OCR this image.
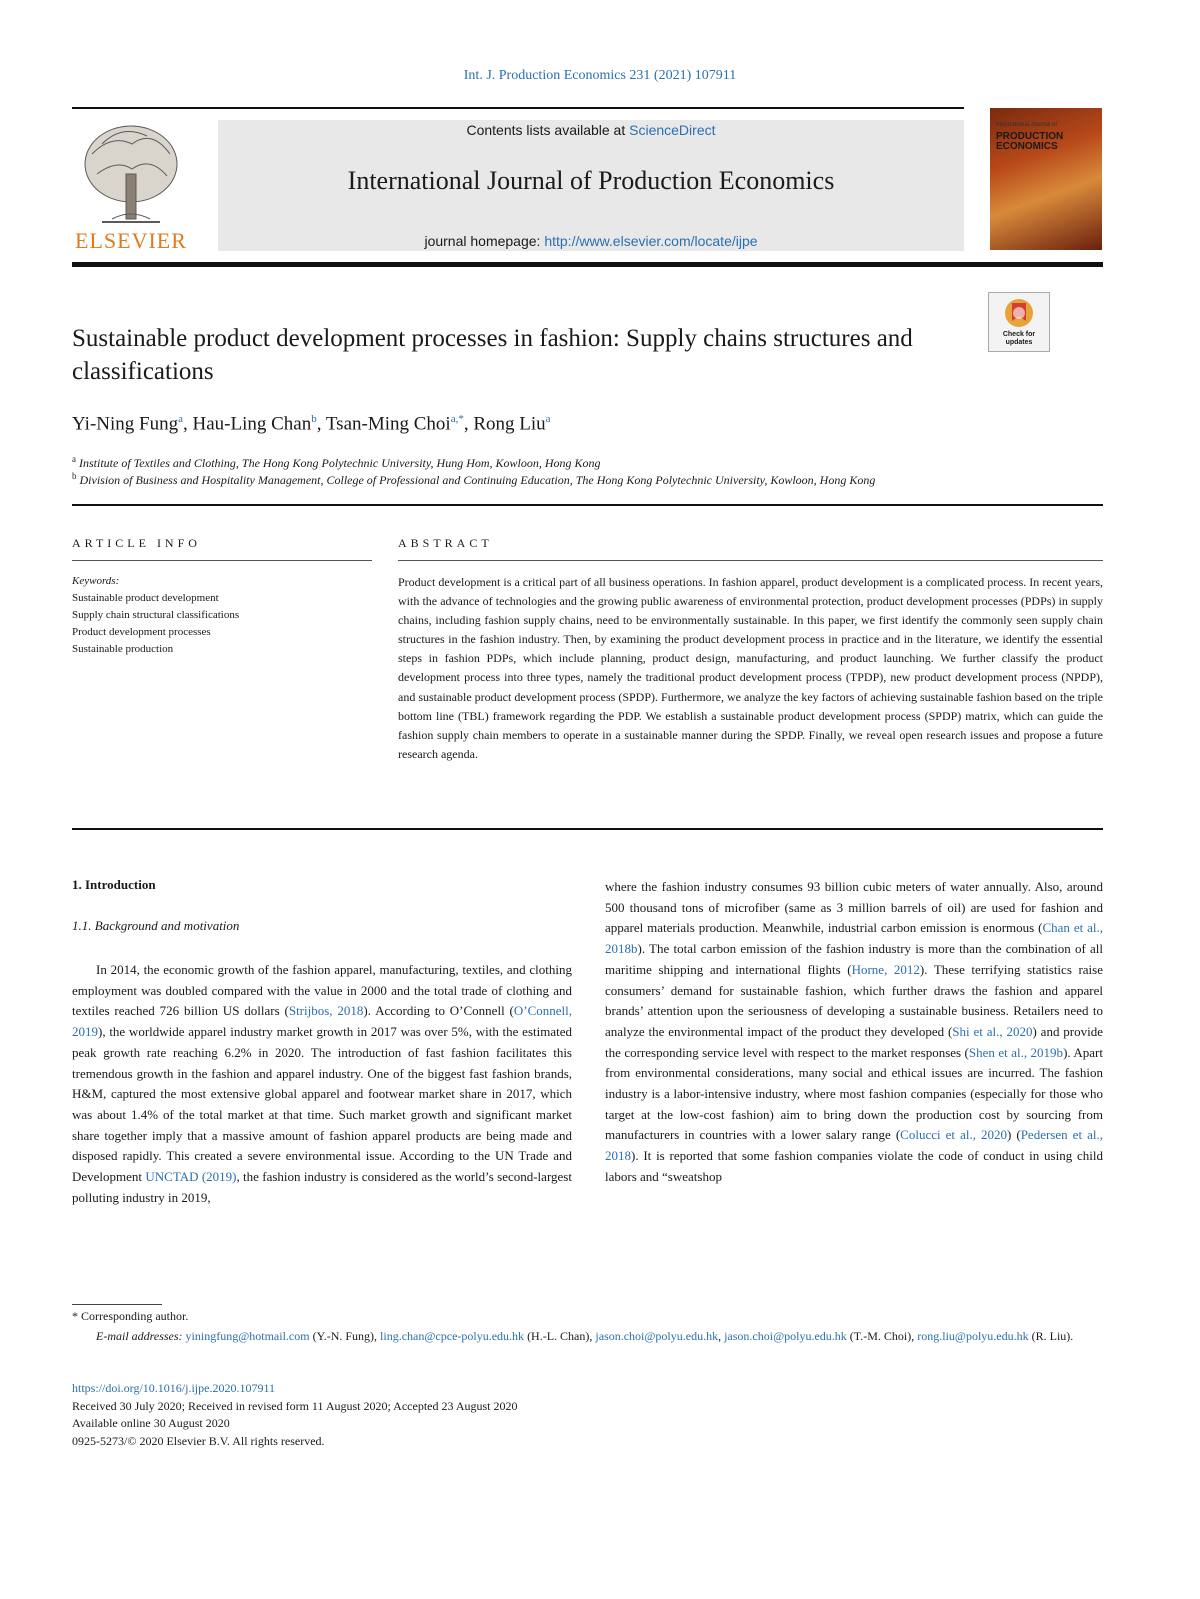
Int. J. Production Economics 231 (2021) 107911
ELSEVIER
Contents lists available at ScienceDirect
International Journal of Production Economics
journal homepage: http://www.elsevier.com/locate/ijpe
International Journal of
PRODUCTION ECONOMICS
Sustainable product development processes in fashion: Supply chains structures and classifications
Check for updates
Yi-Ning Fung$^a$, Hau-Ling Chan$^b$, Tsan-Ming Choi$^{a,*}$, Rong Liu$^a$
$^a$ Institute of Textiles and Clothing, The Hong Kong Polytechnic University, Hung Hom, Kowloon, Hong Kong
$^b$ Division of Business and Hospitality Management, College of Professional and Continuing Education, The Hong Kong Polytechnic University, Kowloon, Hong Kong
ARTICLE INFO	ABSTRACT
Keywords:
Sustainable product development
Supply chain structural classifications
Product development processes
Sustainable production
Product development is a critical part of all business operations. In fashion apparel, product development is a complicated process. In recent years, with the advance of technologies and the growing public awareness of environmental protection, product development processes (PDPs) in supply chains, including fashion supply chains, need to be environmentally sustainable. In this paper, we first identify the commonly seen supply chain structures in the fashion industry. Then, by examining the product development process in practice and in the literature, we identify the essential steps in fashion PDPs, which include planning, product design, manufacturing, and product launching. We further classify the product development process into three types, namely the traditional product development process (TPDP), new product development process (NPDP), and sustainable product development process (SPDP). Furthermore, we analyze the key factors of achieving sustainable fashion based on the triple bottom line (TBL) framework regarding the PDP. We establish a sustainable product development process (SPDP) matrix, which can guide the fashion supply chain members to operate in a sustainable manner during the SPDP. Finally, we reveal open research issues and propose a future research agenda.
1. Introduction
1.1. Background and motivation
In 2014, the economic growth of the fashion apparel, manufacturing, textiles, and clothing employment was doubled compared with the value in 2000 and the total trade of clothing and textiles reached 726 billion US dollars (Strijbos, 2018). According to O’Connell (O’Connell, 2019), the worldwide apparel industry market growth in 2017 was over 5%, with the estimated peak growth rate reaching 6.2% in 2020. The introduction of fast fashion facilitates this tremendous growth in the fashion and apparel industry. One of the biggest fast fashion brands, H&M, captured the most extensive global apparel and footwear market share in 2017, which was about 1.4% of the total market at that time. Such market growth and significant market share together imply that a massive amount of fashion apparel products are being made and disposed rapidly. This created a severe environmental issue. According to the UN Trade and Development UNCTAD (2019), the fashion industry is considered as the world’s second-largest polluting industry in 2019,
where the fashion industry consumes 93 billion cubic meters of water annually. Also, around 500 thousand tons of microfiber (same as 3 million barrels of oil) are used for fashion and apparel materials production. Meanwhile, industrial carbon emission is enormous (Chan et al., 2018b). The total carbon emission of the fashion industry is more than the combination of all maritime shipping and international flights (Horne, 2012). These terrifying statistics raise consumers’ demand for sustainable fashion, which further draws the fashion and apparel brands’ attention upon the seriousness of developing a sustainable business. Retailers need to analyze the environmental impact of the product they developed (Shi et al., 2020) and provide the corresponding service level with respect to the market responses (Shen et al., 2019b). Apart from environmental considerations, many social and ethical issues are incurred. The fashion industry is a labor-intensive industry, where most fashion companies (especially for those who target at the low-cost fashion) aim to bring down the production cost by sourcing from manufacturers in countries with a lower salary range (Colucci et al., 2020) (Pedersen et al., 2018). It is reported that some fashion companies violate the code of conduct in using child labors and “sweatshop
* Corresponding author.
E-mail addresses: yiningfung@hotmail.com (Y.-N. Fung), ling.chan@cpce-polyu.edu.hk (H.-L. Chan), jason.choi@polyu.edu.hk, jason.choi@polyu.edu.hk (T.-M. Choi), rong.liu@polyu.edu.hk (R. Liu).
https://doi.org/10.1016/j.ijpe.2020.107911
Received 30 July 2020; Received in revised form 11 August 2020; Accepted 23 August 2020
Available online 30 August 2020
0925-5273/© 2020 Elsevier B.V. All rights reserved.
